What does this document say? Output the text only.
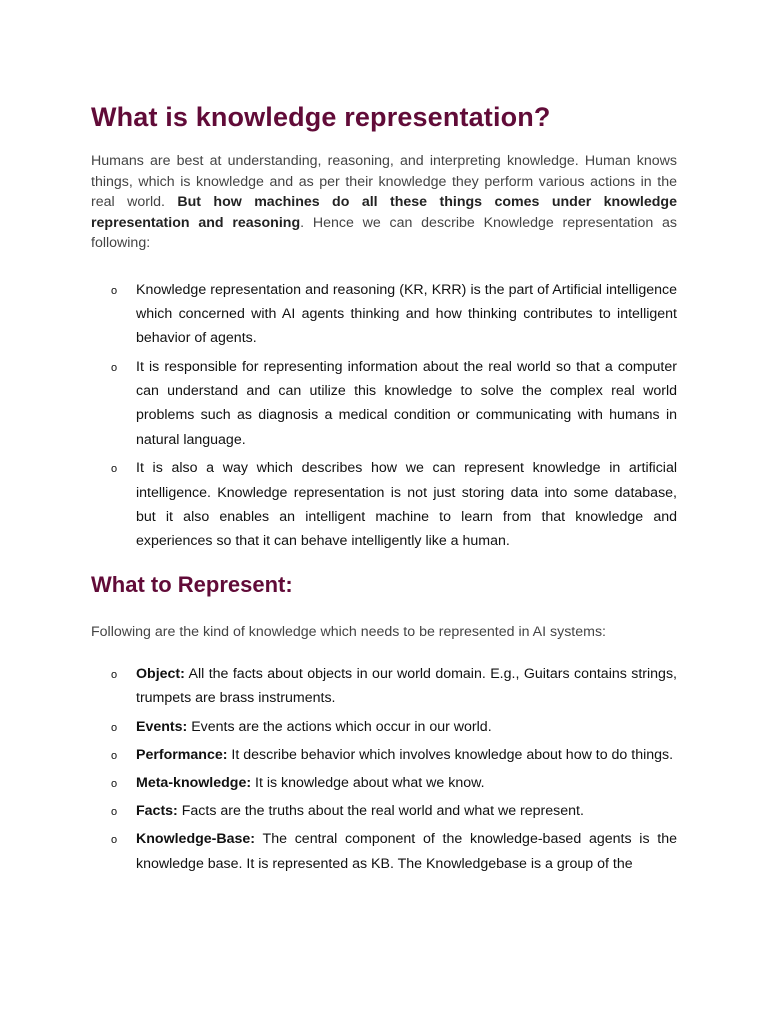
What is knowledge representation?

Humans are best at understanding, reasoning, and interpreting knowledge. Human knows things, which is knowledge and as per their knowledge they perform various actions in the real world. But how machines do all these things comes under knowledge representation and reasoning. Hence we can describe Knowledge representation as following:

o Knowledge representation and reasoning (KR, KRR) is the part of Artificial intelligence which concerned with AI agents thinking and how thinking contributes to intelligent behavior of agents.
o It is responsible for representing information about the real world so that a computer can understand and can utilize this knowledge to solve the complex real world problems such as diagnosis a medical condition or communicating with humans in natural language.
o It is also a way which describes how we can represent knowledge in artificial intelligence. Knowledge representation is not just storing data into some database, but it also enables an intelligent machine to learn from that knowledge and experiences so that it can behave intelligently like a human.
What to Represent:

Following are the kind of knowledge which needs to be represented in AI systems:

o Object: All the facts about objects in our world domain. E.g., Guitars contains strings, trumpets are brass instruments.
o Events: Events are the actions which occur in our world.
o Performance: It describe behavior which involves knowledge about how to do things.
o Meta-knowledge: It is knowledge about what we know.
o Facts: Facts are the truths about the real world and what we represent.
o Knowledge-Base: The central component of the knowledge-based agents is the knowledge base. It is represented as KB. The Knowledgebase is a group of the
